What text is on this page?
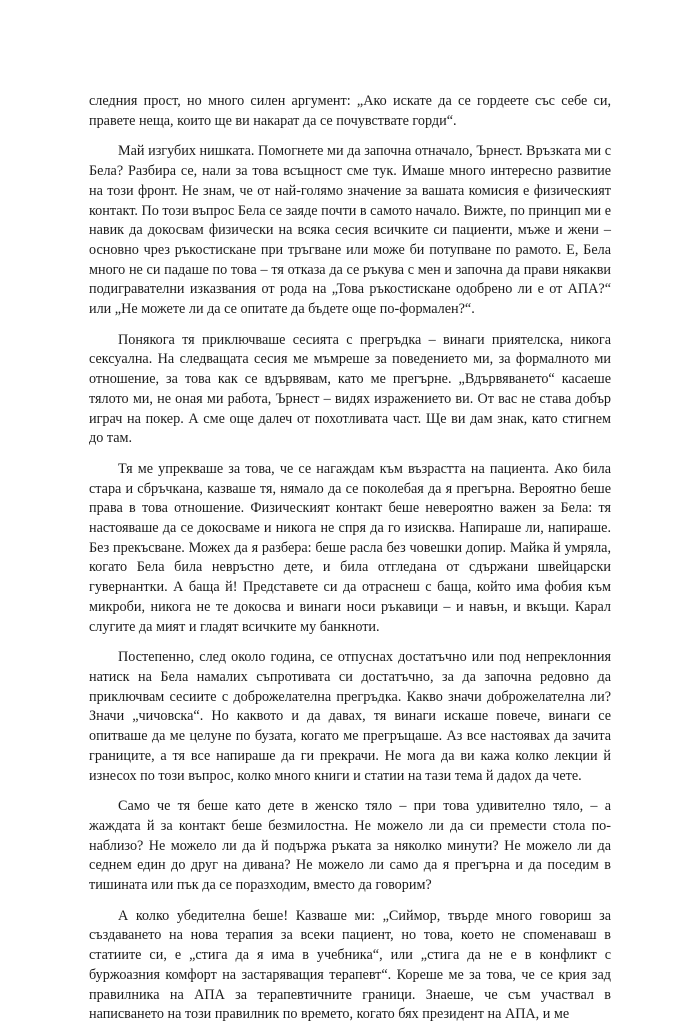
следния прост, но много силен аргумент: „Ако искате да се гордеете със себе си, правете неща, които ще ви накарат да се почувствате горди“.

Май изгубих нишката. Помогнете ми да започна отначало, Ърнест. Връзката ми с Бела? Разбира се, нали за това всъщност сме тук. Имаше много интересно развитие на този фронт. Не знам, че от най-голямо значение за вашата комисия е физическият контакт. По този въпрос Бела се заяде почти в самото начало. Вижте, по принцип ми е навик да докосвам физически на всяка сесия всичките си пациенти, мъже и жени – основно чрез ръкостискане при тръгване или може би потупване по рамото. Е, Бела много не си падаше по това – тя отказа да се ръкува с мен и започна да прави някакви подигравателни изказвания от рода на „Това ръкостискане одобрено ли е от АПА?“ или „Не можете ли да се опитате да бъдете още по-формален?“.

Понякога тя приключваше сесията с прегръдка – винаги приятелска, никога сексуална. На следващата сесия ме мъмреше за поведението ми, за формалното ми отношение, за това как се вдървявам, като ме прегърне. „Вдървяването“ касаеше тялото ми, не оная ми работа, Ърнест – видях изражението ви. От вас не става добър играч на покер. А сме още далеч от похотливата част. Ще ви дам знак, като стигнем до там.

Тя ме упрекваше за това, че се нагаждам към възрастта на пациента. Ако била стара и сбръчкана, казваше тя, нямало да се поколебая да я прегърна. Вероятно беше права в това отношение. Физическият контакт беше невероятно важен за Бела: тя настояваше да се докосваме и никога не спря да го изисква. Напираше ли, напираше. Без прекъсване. Можех да я разбера: беше расла без човешки допир. Майка й умряла, когато Бела била невръстно дете, и била отгледана от сдържани швейцарски гувернантки. А баща й! Представете си да отраснеш с баща, който има фобия към микроби, никога не те докосва и винаги носи ръкавици – и навън, и вкъщи. Карал слугите да мият и гладят всичките му банкноти.

Постепенно, след около година, се отпуснах достатъчно или под непреклонния натиск на Бела намалих съпротивата си достатъчно, за да започна редовно да приключвам сесиите с доброжелателна прегръдка. Какво значи доброжелателна ли? Значи „чичовска“. Но каквото и да давах, тя винаги искаше повече, винаги се опитваше да ме целуне по бузата, когато ме прегръщаше. Аз все настоявах да зачита границите, а тя все напираше да ги прекрачи. Не мога да ви кажа колко лекции й изнесох по този въпрос, колко много книги и статии на тази тема й дадох да чете.

Само че тя беше като дете в женско тяло – при това удивително тяло, – а жаждата й за контакт беше безмилостна. Не можело ли да си премести стола по-наблизо? Не можело ли да й подържа ръката за няколко минути? Не можело ли да седнем един до друг на дивана? Не можело ли само да я прегърна и да поседим в тишината или пък да се поразходим, вместо да говорим?

А колко убедителна беше! Казваше ми: „Сиймор, твърде много говориш за създаването на нова терапия за всеки пациент, но това, което не споменаваш в статиите си, е „стига да я има в учебника“, или „стига да не е в конфликт с буржоазния комфорт на застаряващия терапевт“. Кореше ме за това, че се крия зад правилника на АПА за терапевтичните граници. Знаеше, че съм участвал в написването на този правилник по времето, когато бях президент на АПА, и ме
